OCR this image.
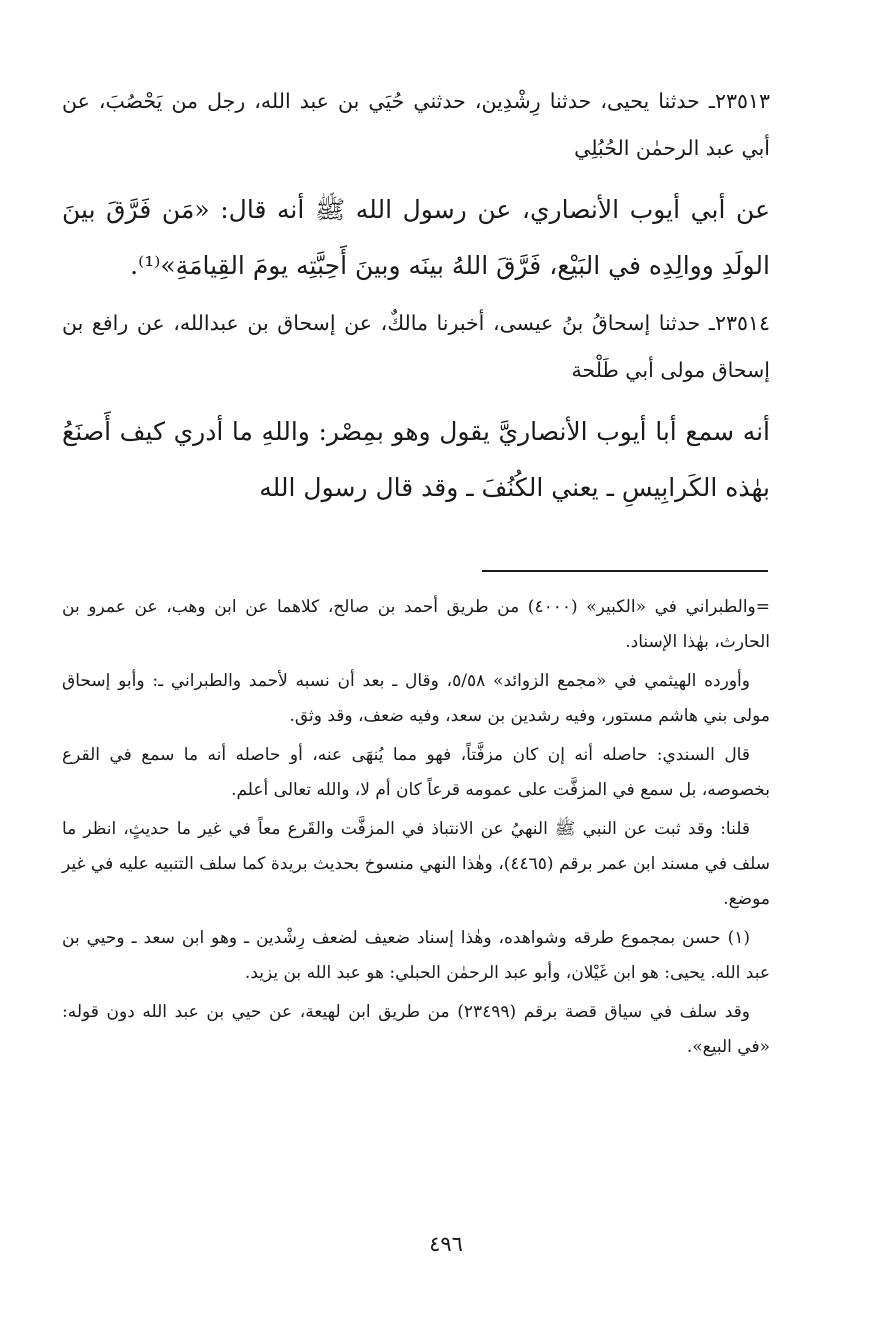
٢٣٥١٣ـ حدثنا يحيى، حدثنا رِشْدِين، حدثني حُيَي بن عبد الله، رجل من يَحْصُبَ، عن أبي عبد الرحمٰن الحُبُلِي

عن أبي أيوب الأنصاري، عن رسول الله ﷺ أنه قال: «مَن فَرَّقَ بينَ الولَدِ ووالِدِه في البَيْع، فَرَّقَ اللهُ بينَه وبينَ أَحِبَّتِه يومَ القِيامَةِ»⁽¹⁾.

٢٣٥١٤ـ حدثنا إسحاقُ بنُ عيسى، أخبرنا مالكٌ، عن إسحاق بن عبدالله، عن رافع بن إسحاق مولى أبي طَلْحة

أنه سمع أبا أيوب الأنصاريَّ يقول وهو بمِصْر: واللهِ ما أدري كيف أَصنَعُ بهٰذه الكَرابِيسِ ـ يعني الكُنُفَ ـ وقد قال رسول الله

=والطبراني في «الكبير» (٤٠٠٠) من طريق أحمد بن صالح، كلاهما عن ابن وهب، عن عمرو بن الحارث، بهٰذا الإسناد.

وأورده الهيثمي في «مجمع الزوائد» ٥/٥٨، وقال ـ بعد أن نسبه لأحمد والطبراني ـ: وأبو إسحاق مولى بني هاشم مستور، وفيه رشدين بن سعد، وفيه ضعف، وقد وثق.

قال السندي: حاصله أنه إن كان مزفَّتاً، فهو مما يُنهَى عنه، أو حاصله أنه ما سمع في القرع بخصوصه، بل سمع في المزفَّت على عمومه قرعاً كان أم لا، والله تعالى أعلم.

قلنا: وقد ثبت عن النبي ﷺ النهيُ عن الانتباذ في المزفَّت والقَرع معاً في غير ما حديثٍ، انظر ما سلف في مسند ابن عمر برقم (٤٤٦٥)، وهٰذا النهي منسوخ بحديث بريدة كما سلف التنبيه عليه في غير موضع.

(١) حسن بمجموع طرقه وشواهده، وهٰذا إسناد ضعيف لضعف رِشْدين ـ وهو ابن سعد ـ وحيي بن عبد الله. يحيى: هو ابن غَيْلان، وأبو عبد الرحمٰن الحبلي: هو عبد الله بن يزيد.

وقد سلف في سياق قصة برقم (٢٣٤٩٩) من طريق ابن لهيعة، عن حيي بن عبد الله دون قوله: «في البيع».

٤٩٦
